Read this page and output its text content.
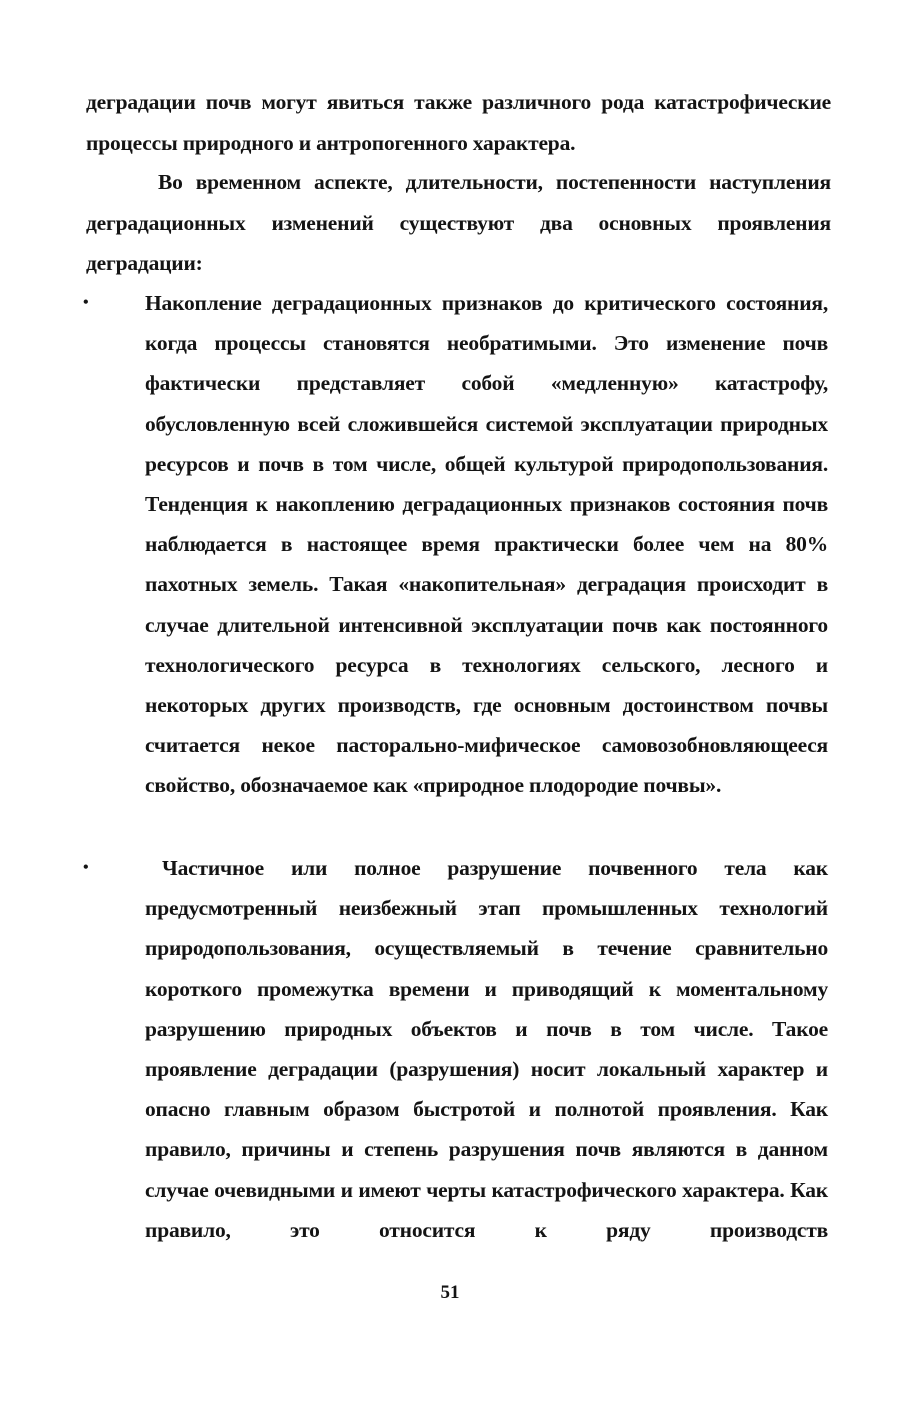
деградации почв могут явиться также различного рода катастрофические процессы природного и антропогенного характера.

Во временном аспекте, длительности, постепенности наступления деградационных изменений существуют два основных проявления деградации:

•	Накопление деградационных признаков до критического состояния, когда процессы становятся необратимыми. Это изменение почв фактически представляет собой «медленную» катастрофу, обусловленную всей сложившейся системой эксплуатации природных ресурсов и почв в том числе, общей культурой природопользования. Тенденция к накоплению деградационных признаков состояния почв наблюдается в настоящее время практически более чем на 80% пахотных земель. Такая «накопительная» деградация происходит в случае длительной интенсивной эксплуатации почв как постоянного технологического ресурса в технологиях сельского, лесного и некоторых других производств, где основным достоинством почвы считается некое пасторально-мифическое самовозобновляющееся свойство, обозначаемое как «природное плодородие почвы».

•	Частичное или полное разрушение почвенного тела как предусмотренный неизбежный этап промышленных технологий природопользования, осуществляемый в течение сравнительно короткого промежутка времени и приводящий к моментальному разрушению природных объектов и почв в том числе. Такое проявление деградации (разрушения) носит локальный характер и опасно главным образом быстротой и полнотой проявления. Как правило, причины и степень разрушения почв являются в данном случае очевидными и имеют черты катастрофического характера. Как правило, это относится к ряду производств

51
